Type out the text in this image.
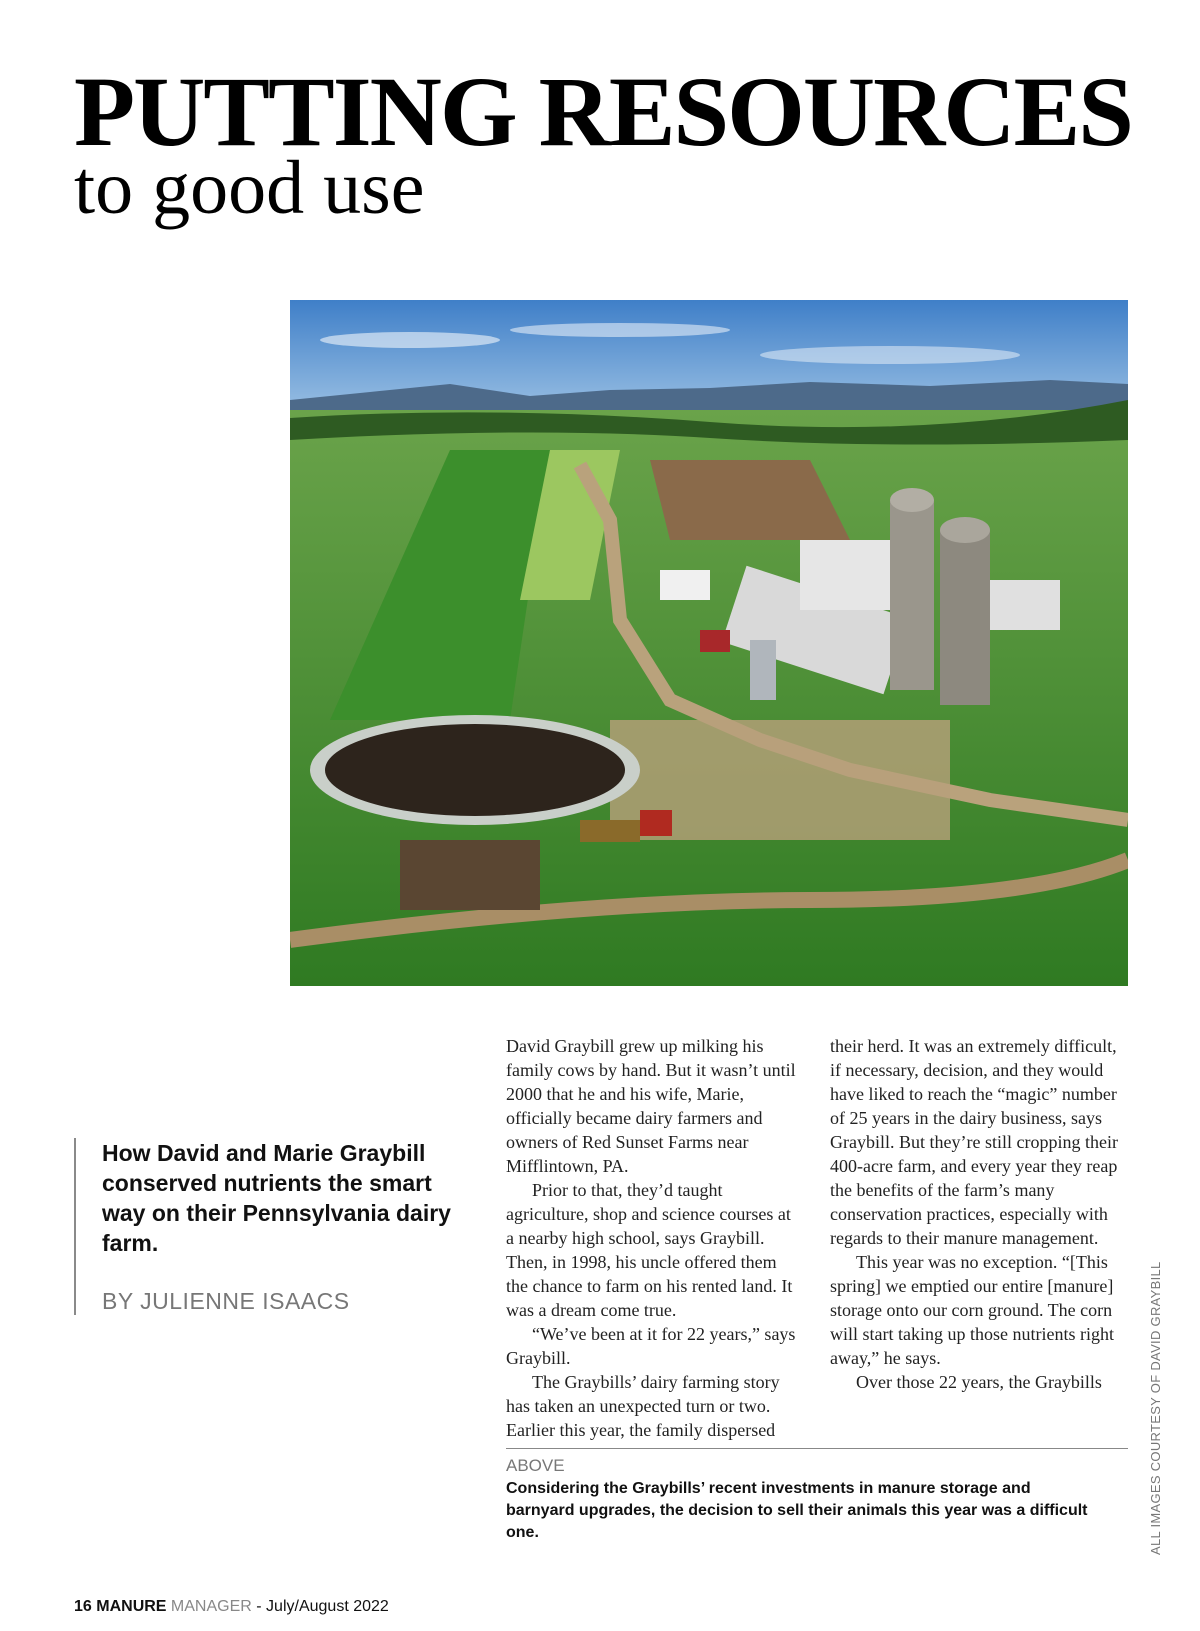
PUTTING RESOURCES
to good use

How David and Marie Graybill conserved nutrients the smart way on their Pennsylvania dairy farm.

BY JULIENNE ISAACS

David Graybill grew up milking his family cows by hand. But it wasn’t until 2000 that he and his wife, Marie, officially became dairy farmers and owners of Red Sunset Farms near Mifflintown, PA.

Prior to that, they’d taught agriculture, shop and science courses at a nearby high school, says Graybill. Then, in 1998, his uncle offered them the chance to farm on his rented land. It was a dream come true.

“We’ve been at it for 22 years,” says Graybill.

The Graybills’ dairy farming story has taken an unexpected turn or two. Earlier this year, the family dispersed

their herd. It was an extremely difficult, if necessary, decision, and they would have liked to reach the “magic” number of 25 years in the dairy business, says Graybill. But they’re still cropping their 400-acre farm, and every year they reap the benefits of the farm’s many conservation practices, especially with regards to their manure management.

This year was no exception. “[This spring] we emptied our entire [manure] storage onto our corn ground. The corn will start taking up those nutrients right away,” he says.

Over those 22 years, the Graybills

ABOVE

Considering the Graybills’ recent investments in manure storage and barnyard upgrades, the decision to sell their animals this year was a difficult one.	ALL IMAGES COURTESY OF DAVID GRAYBILL
16 MANURE MANAGER - July/August 2022
